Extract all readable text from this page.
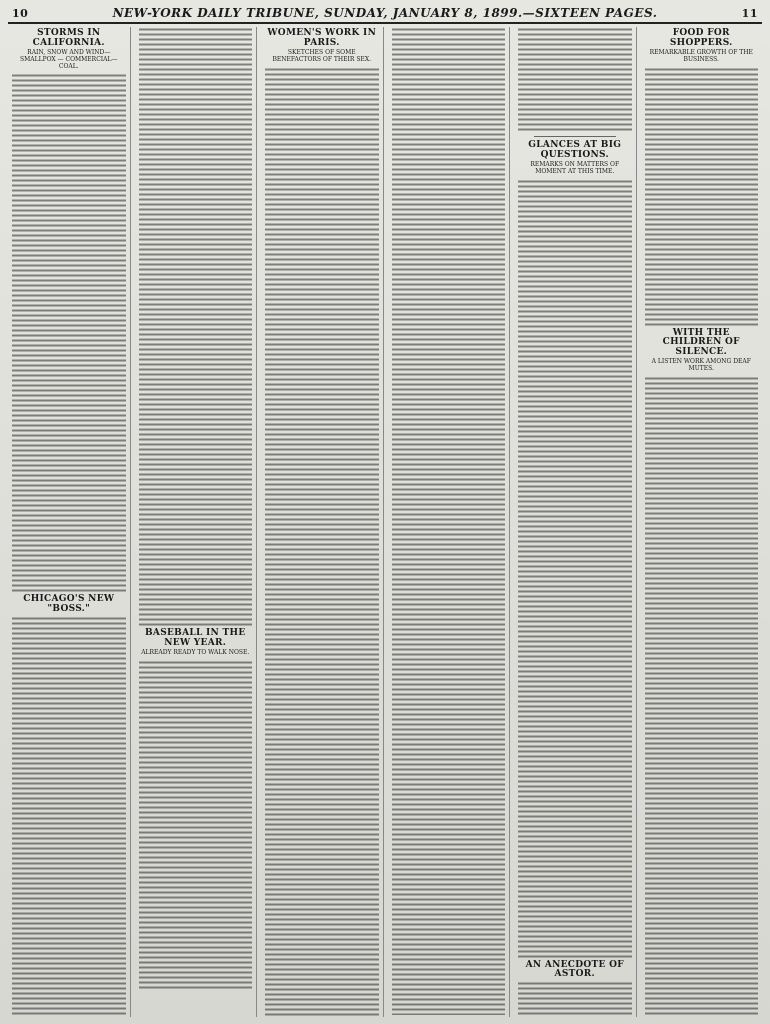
10	NEW-YORK DAILY TRIBUNE, SUNDAY, JANUARY 8, 1899.—SIXTEEN PAGES.	11
STORMS IN CALIFORNIA.
RAIN, SNOW AND WIND—SMALLPOX — COMMERCIAL—COAL.
CHICAGO'S NEW "BOSS."
BASEBALL IN THE NEW YEAR.
ALREADY READY TO WALK NOSE.
WOMEN'S WORK IN PARIS.
SKETCHES OF SOME BENEFACTORS OF THEIR SEX.
GLANCES AT BIG QUESTIONS.
REMARKS ON MATTERS OF MOMENT AT THIS TIME.
AN ANECDOTE OF ASTOR.
FOOD FOR SHOPPERS.
REMARKABLE GROWTH OF THE BUSINESS.
WITH THE CHILDREN OF SILENCE.
A LISTEN WORK AMONG DEAF MUTES.
